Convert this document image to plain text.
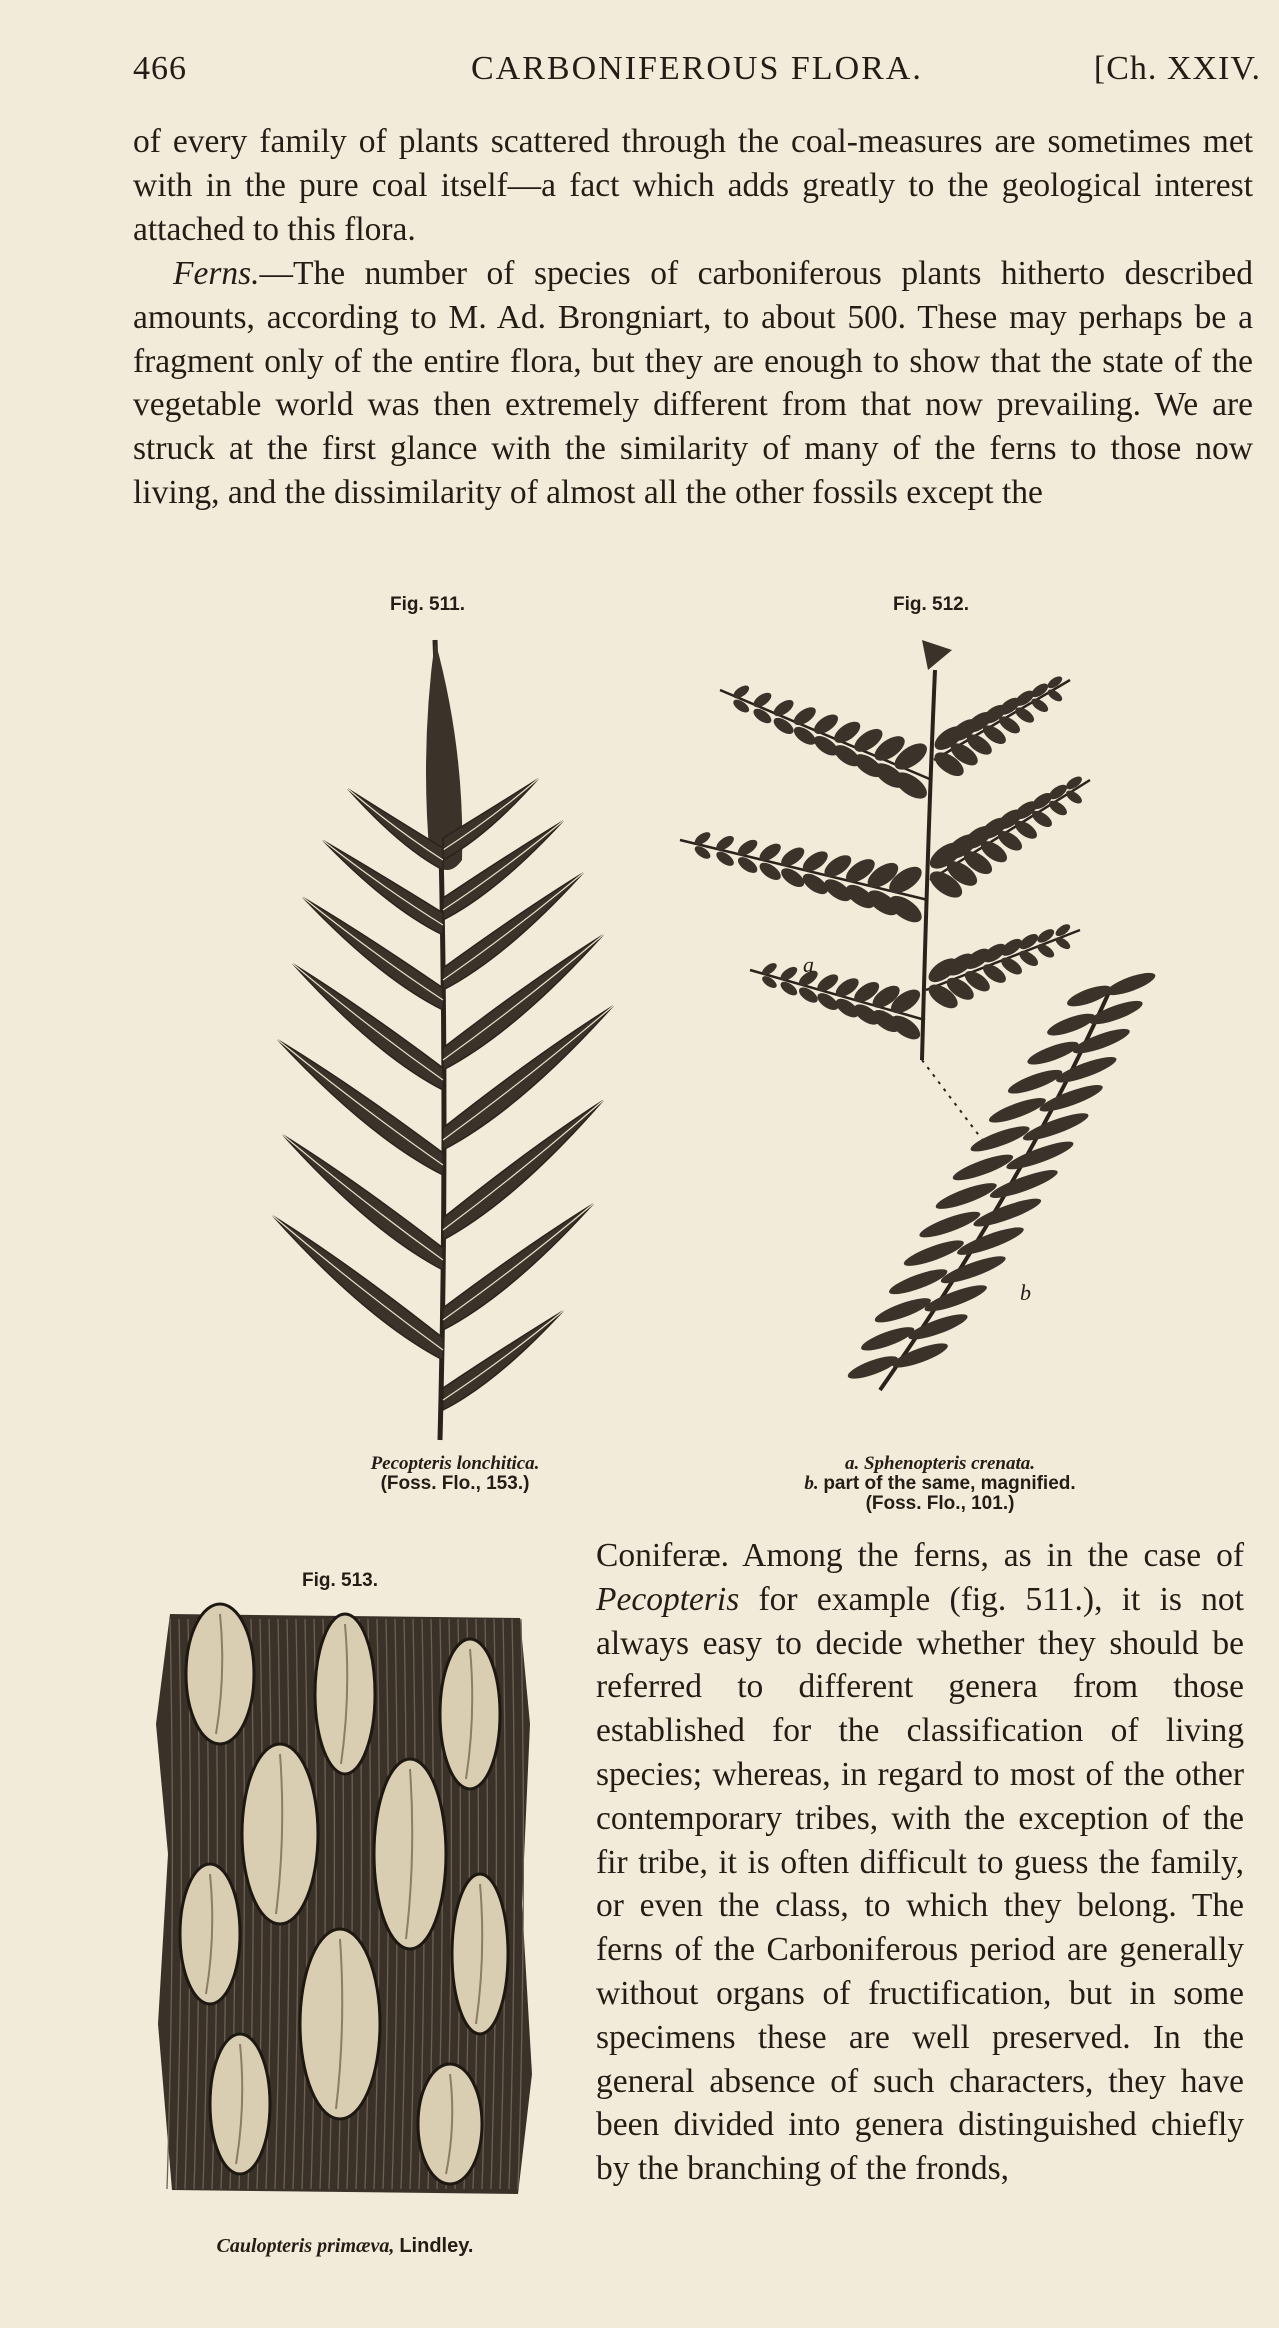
466	CARBONIFEROUS FLORA.	[Ch. XXIV.

of every family of plants scattered through the coal-measures are sometimes met with in the pure coal itself—a fact which adds greatly to the geological interest attached to this flora.

Ferns.—The number of species of carboniferous plants hitherto described amounts, according to M. Ad. Brongniart, to about 500. These may perhaps be a fragment only of the entire flora, but they are enough to show that the state of the vegetable world was then extremely different from that now prevailing. We are struck at the first glance with the similarity of many of the ferns to those now living, and the dissimilarity of almost all the other fossils except the

Fig. 511.
Pecopteris lonchitica.
(Foss. Flo., 153.)
Fig. 512.
a
b
a. Sphenopteris crenata.
b. part of the same, magnified.
(Foss. Flo., 101.)
Fig. 513.
Caulopteris primæva, Lindley.
Coniferæ. Among the ferns, as in the case of Pecopteris for example (fig. 511.), it is not always easy to decide whether they should be referred to different genera from those established for the classification of living species; whereas, in regard to most of the other contemporary tribes, with the exception of the fir tribe, it is often difficult to guess the family, or even the class, to which they belong. The ferns of the Carboniferous period are generally without organs of fructification, but in some specimens these are well preserved. In the general absence of such characters, they have been divided into genera distinguished chiefly by the branching of the fronds,
